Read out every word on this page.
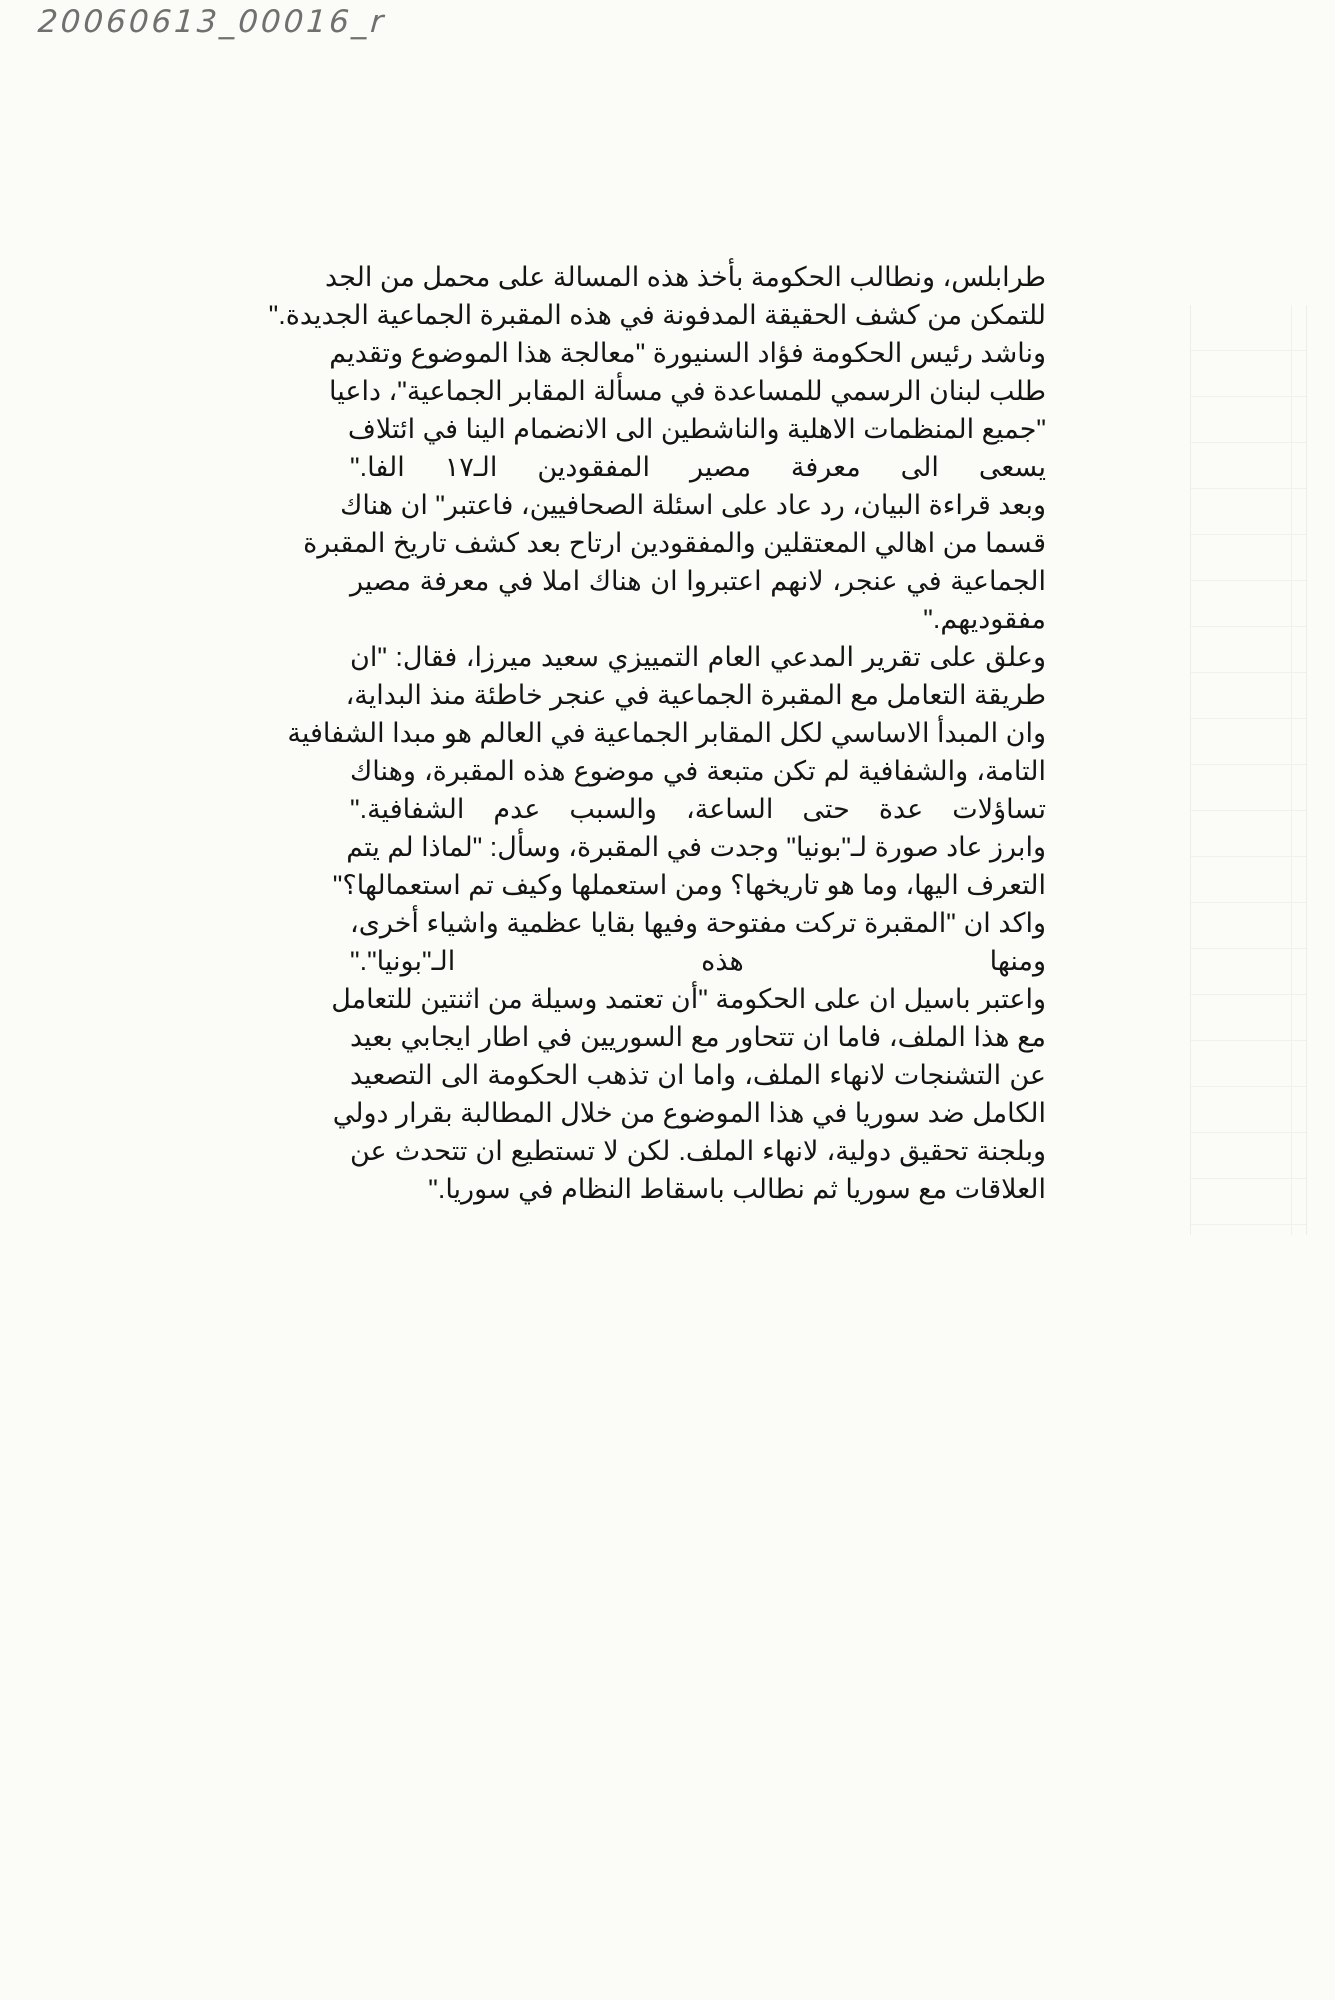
20060613_00016_r
طرابلس، ونطالب الحكومة بأخذ هذه المسالة على محمل من الجد
للتمكن من كشف الحقيقة المدفونة في هذه المقبرة الجماعية الجديدة."
وناشد رئيس الحكومة فؤاد السنيورة "معالجة هذا الموضوع وتقديم
طلب لبنان الرسمي للمساعدة في مسألة المقابر الجماعية"، داعيا
"جميع المنظمات الاهلية والناشطين الى الانضمام الينا في ائتلاف
يسعى الى معرفة مصير المفقودين الـ١٧ الفا."
وبعد قراءة البيان، رد عاد على اسئلة الصحافيين، فاعتبر" ان هناك
قسما من اهالي المعتقلين والمفقودين ارتاح بعد كشف تاريخ المقبرة
الجماعية في عنجر، لانهم اعتبروا ان هناك املا في معرفة مصير
مفقوديهم."
وعلق على تقرير المدعي العام التمييزي سعيد ميرزا، فقال: "ان
طريقة التعامل مع المقبرة الجماعية في عنجر خاطئة منذ البداية،
وان المبدأ الاساسي لكل المقابر الجماعية في العالم هو مبدا الشفافية
التامة، والشفافية لم تكن متبعة في موضوع هذه المقبرة، وهناك
تساؤلات عدة حتى الساعة، والسبب عدم الشفافية."
وابرز عاد صورة لـ"بونيا" وجدت في المقبرة، وسأل: "لماذا لم يتم
التعرف اليها، وما هو تاريخها؟ ومن استعملها وكيف تم استعمالها؟"
واكد ان "المقبرة تركت مفتوحة وفيها بقايا عظمية واشياء أخرى،
ومنها هذه الـ"بونيا"."
واعتبر باسيل ان على الحكومة "أن تعتمد وسيلة من اثنتين للتعامل
مع هذا الملف، فاما ان تتحاور مع السوريين في اطار ايجابي بعيد
عن التشنجات لانهاء الملف، واما ان تذهب الحكومة الى التصعيد
الكامل ضد سوريا في هذا الموضوع من خلال المطالبة بقرار دولي
وبلجنة تحقيق دولية، لانهاء الملف. لكن لا تستطيع ان تتحدث عن
العلاقات مع سوريا ثم نطالب باسقاط النظام في سوريا."
